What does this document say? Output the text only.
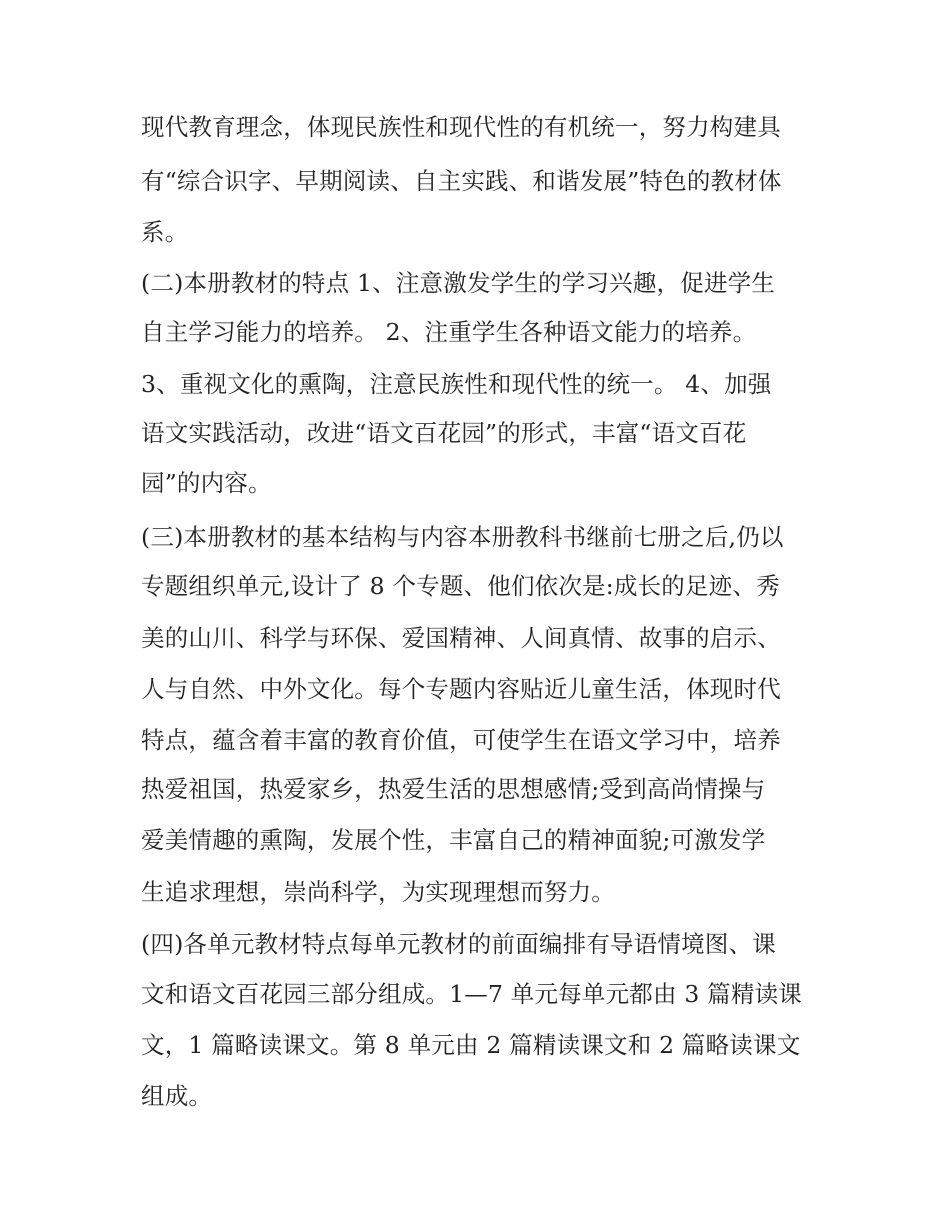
现代教育理念，体现民族性和现代性的有机统一，努力构建具
有“综合识字、早期阅读、自主实践、和谐发展”特色的教材体
系。
(二)本册教材的特点 1、注意激发学生的学习兴趣，促进学生
自主学习能力的培养。 2、注重学生各种语文能力的培养。
3、重视文化的熏陶，注意民族性和现代性的统一。 4、加强
语文实践活动，改进“语文百花园”的形式，丰富“语文百花
园”的内容。
(三)本册教材的基本结构与内容本册教科书继前七册之后,仍以
专题组织单元,设计了 8 个专题、他们依次是:成长的足迹、秀
美的山川、科学与环保、爱国精神、人间真情、故事的启示、
人与自然、中外文化。每个专题内容贴近儿童生活，体现时代
特点，蕴含着丰富的教育价值，可使学生在语文学习中，培养
热爱祖国，热爱家乡，热爱生活的思想感情;受到高尚情操与
爱美情趣的熏陶，发展个性，丰富自己的精神面貌;可激发学
生追求理想，崇尚科学，为实现理想而努力。
(四)各单元教材特点每单元教材的前面编排有导语情境图、课
文和语文百花园三部分组成。1—7 单元每单元都由 3 篇精读课
文，1 篇略读课文。第 8 单元由 2 篇精读课文和 2 篇略读课文
组成。
